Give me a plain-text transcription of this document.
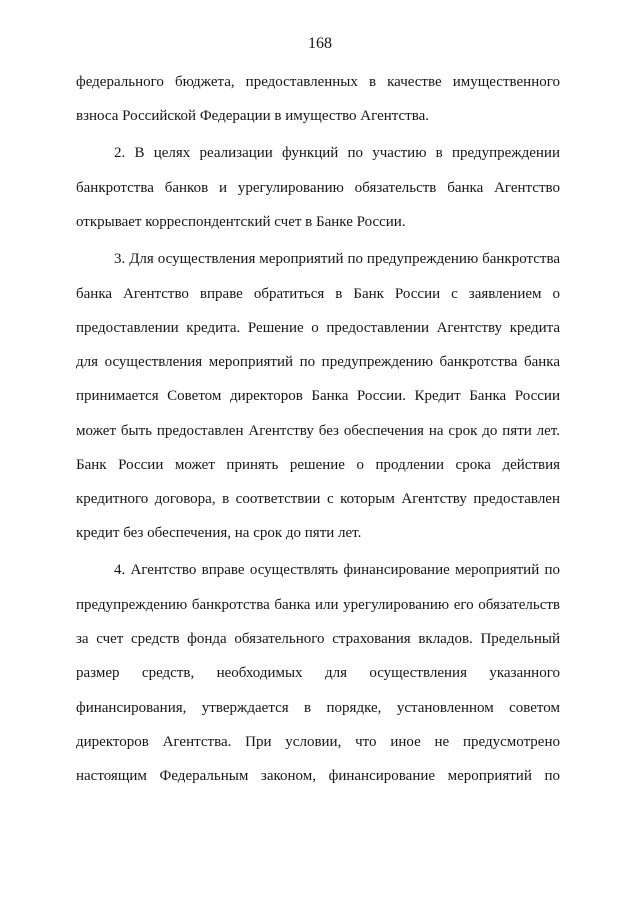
168
федерального бюджета, предоставленных в качестве имущественного
взноса Российской Федерации в имущество Агентства.
2. В целях реализации функций по участию в предупреждении
банкротства банков и урегулированию обязательств банка Агентство
открывает корреспондентский счет в Банке России.
3. Для осуществления мероприятий по предупреждению банкротства
банка Агентство вправе обратиться в Банк России с заявлением о
предоставлении кредита. Решение о предоставлении Агентству кредита
для осуществления мероприятий по предупреждению банкротства банка
принимается Советом директоров Банка России. Кредит Банка России
может быть предоставлен Агентству без обеспечения на срок до пяти лет.
Банк России может принять решение о продлении срока действия
кредитного договора, в соответствии с которым Агентству предоставлен
кредит без обеспечения, на срок до пяти лет.
4. Агентство вправе осуществлять финансирование мероприятий по
предупреждению банкротства банка или урегулированию его обязательств
за счет средств фонда обязательного страхования вкладов. Предельный
размер средств, необходимых для осуществления указанного
финансирования, утверждается в порядке, установленном советом
директоров Агентства. При условии, что иное не предусмотрено
настоящим Федеральным законом, финансирование мероприятий по
